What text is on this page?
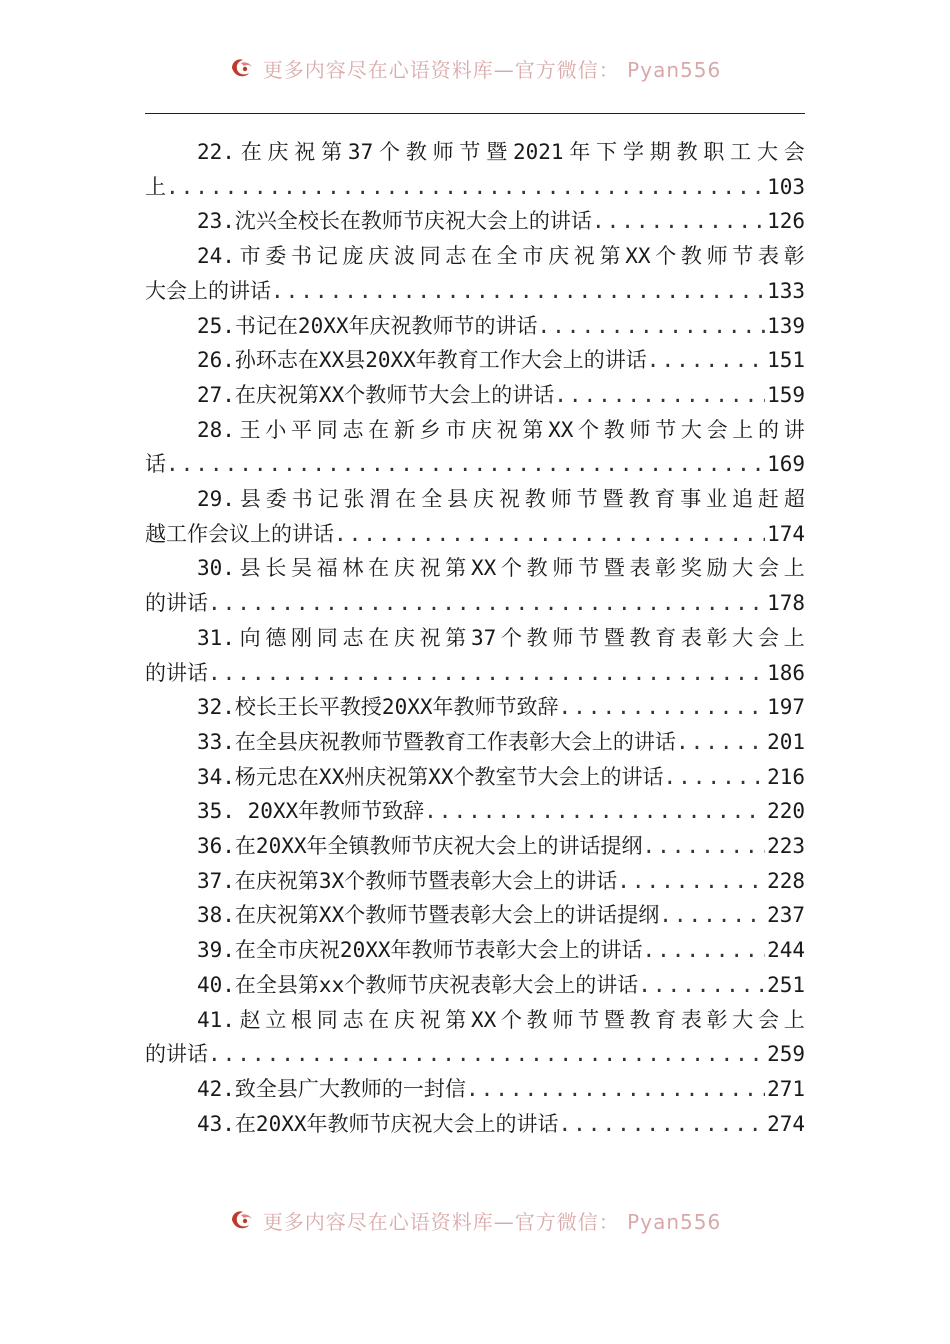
更多内容尽在心语资料库—官方微信： Pyan556
22. 在 庆 祝 第 37 个 教 师 节 暨 2021 年 下 学 期 教 职 工 大 会
上 .....	103
23.沈兴全校长在教师节庆祝大会上的讲话 .....	126
24. 市 委 书 记 庞 庆 波 同 志 在 全 市 庆 祝 第 XX 个 教 师 节 表 彰
大会上的讲话 .....	133
25.书记在20XX年庆祝教师节的讲话 .....	139
26.孙环志在XX县20XX年教育工作大会上的讲话 .....	151
27.在庆祝第XX个教师节大会上的讲话 .....	159
28. 王 小 平 同 志 在 新 乡 市 庆 祝 第 XX 个 教 师 节 大 会 上 的 讲
话 .....	169
29. 县 委 书 记 张 渭 在 全 县 庆 祝 教 师 节 暨 教 育 事 业 追 赶 超
越工作会议上的讲话 .....	174
30. 县 长 吴 福 林 在 庆 祝 第 XX 个 教 师 节 暨 表 彰 奖 励 大 会 上
的讲话 .....	178
31. 向 德 刚 同 志 在 庆 祝 第 37 个 教 师 节 暨 教 育 表 彰 大 会 上
的讲话 .....	186
32.校长王长平教授20XX年教师节致辞 .....	197
33.在全县庆祝教师节暨教育工作表彰大会上的讲话 .....	201
34.杨元忠在XX州庆祝第XX个教室节大会上的讲话 .....	216
35. 20XX年教师节致辞 .....	220
36.在20XX年全镇教师节庆祝大会上的讲话提纲 .....	223
37.在庆祝第3X个教师节暨表彰大会上的讲话 .....	228
38.在庆祝第XX个教师节暨表彰大会上的讲话提纲 .....	237
39.在全市庆祝20XX年教师节表彰大会上的讲话 .....	244
40.在全县第xx个教师节庆祝表彰大会上的讲话 .....	251
41. 赵 立 根 同 志 在 庆 祝 第 XX 个 教 师 节 暨 教 育 表 彰 大 会 上
的讲话 .....	259
42.致全县广大教师的一封信 .....	271
43.在20XX年教师节庆祝大会上的讲话 .....	274
更多内容尽在心语资料库—官方微信： Pyan556
